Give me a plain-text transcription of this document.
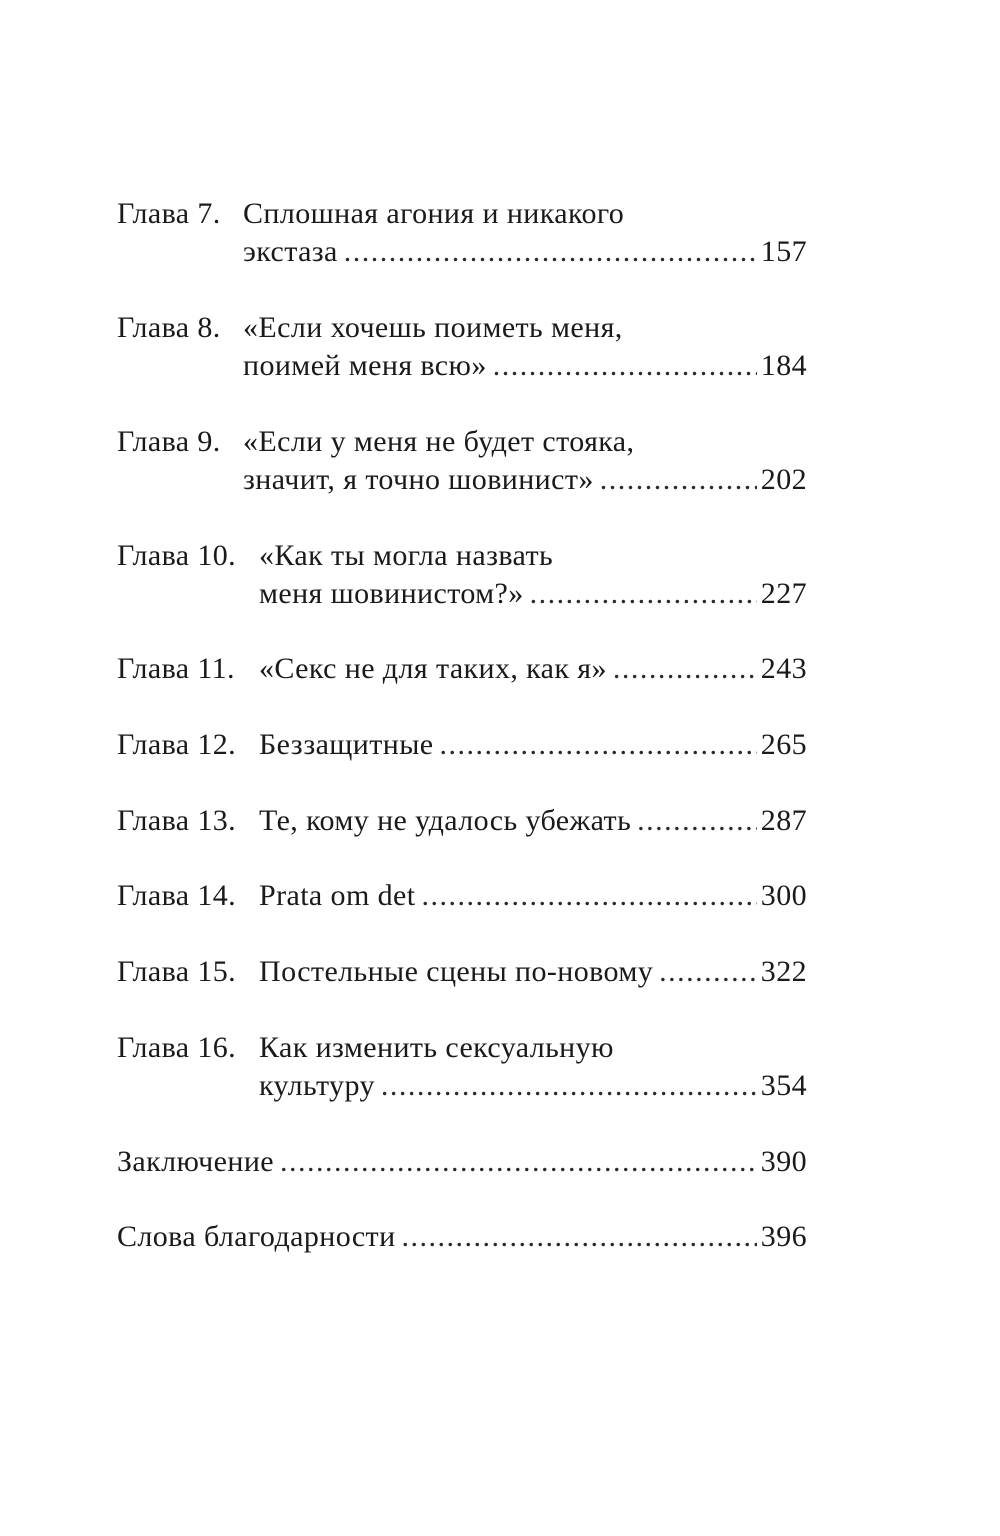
Глава 7. Сплошная агония и никакого
экстаза . . .	157
Глава 8. «Если хочешь поиметь меня,
поимей меня всю» . . .	184
Глава 9. «Если у меня не будет стояка,
значит, я точно шовинист» . . .	202
Глава 10. «Как ты могла назвать
меня шовинистом?» . . .	227
Глава 11. «Секс не для таких, как я» . . .	243
Глава 12. Беззащитные . . .	265
Глава 13. Те, кому не удалось убежать . . .	287
Глава 14. Prata om det . . .	300
Глава 15. Постельные сцены по-новому . . .	322
Глава 16. Как изменить сексуальную
культуру . . .	354
Заключение . . .	390
Слова благодарности . . .	396
